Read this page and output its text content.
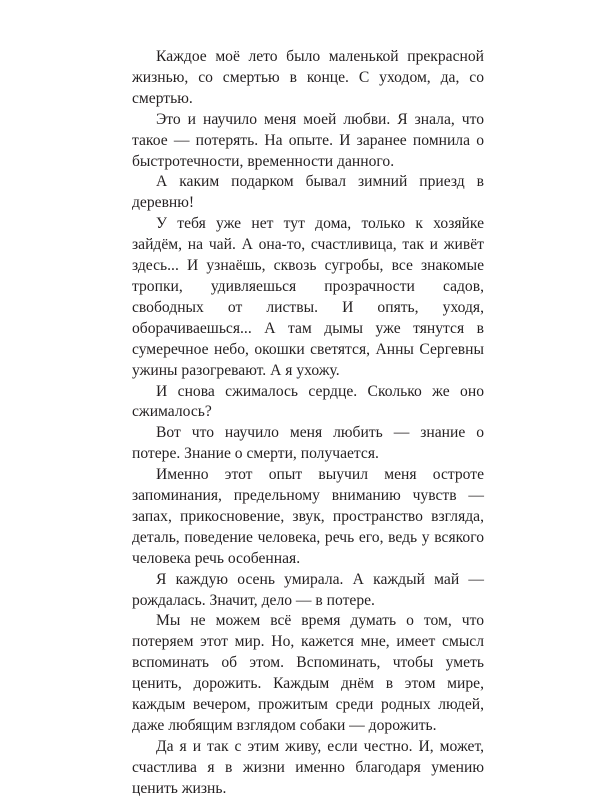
Каждое моё лето было маленькой прекрасной жизнью, со смертью в конце. С уходом, да, со смертью.

Это и научило меня моей любви. Я знала, что такое — потерять. На опыте. И заранее помнила о быстротечности, временности данного.

А каким подарком бывал зимний приезд в деревню!

У тебя уже нет тут дома, только к хозяйке зайдём, на чай. А она-то, счастливица, так и живёт здесь... И узнаёшь, сквозь сугробы, все знакомые тропки, удивляешься прозрачности садов, свободных от листвы. И опять, уходя, оборачиваешься... А там дымы уже тянутся в сумеречное небо, окошки светятся, Анны Сергевны ужины разогревают. А я ухожу.

И снова сжималось сердце. Сколько же оно сжималось?

Вот что научило меня любить — знание о потере. Знание о смерти, получается.

Именно этот опыт выучил меня остроте запоминания, предельному вниманию чувств — запах, прикосновение, звук, пространство взгляда, деталь, поведение человека, речь его, ведь у всякого человека речь особенная.

Я каждую осень умирала. А каждый май — рождалась. Значит, дело — в потере.

Мы не можем всё время думать о том, что потеряем этот мир. Но, кажется мне, имеет смысл вспоминать об этом. Вспоминать, чтобы уметь ценить, дорожить. Каждым днём в этом мире, каждым вечером, прожитым среди родных людей, даже любящим взглядом собаки — дорожить.

Да я и так с этим живу, если честно. И, может, счастлива я в жизни именно благодаря умению ценить жизнь.
